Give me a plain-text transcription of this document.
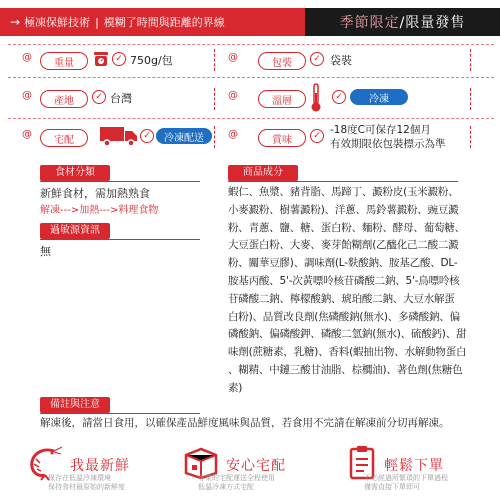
→ 極凍保鮮技術 | 模糊了時間與距離的界線	季節限定 /限量發售
@ 重量	✓ 750g/包	@	包裝	✓ 袋裝
@ 產地	✓ 台灣	@	溫層	✓	冷凍
@ 宅配	✓	冷凍配送 @	賞味	✓ -18度C可保存12個月
有效期限依包裝標示為準
食材分類
新鮮食材，需加熱熟食
解凍--->加熱--->料理食物
過敏源資訊
無
商品成分
蝦仁、魚漿、豬背脂、馬蹄丁、澱粉皮(玉米澱粉、
小麥澱粉、樹薯澱粉)、洋蔥、馬鈴薯澱粉、豌豆澱
粉、青蔥、鹽、糖、蛋白粉、麵粉、酵母、葡萄糖、
大豆蛋白粉、大麥、麥芽飴糊劑(乙醯化己二酸二澱
粉、關華豆膠)、調味劑(L-麩酸鈉、胺基乙酸、DL-
胺基丙酸、5'-次黃嘌呤核苷磷酸二鈉、5'-鳥嘌呤核
苷磷酸二鈉、檸檬酸鈉、琥珀酸二鈉、大豆水解蛋
白粉)、品質改良劑(焦磷酸鈉(無水)、多磷酸鈉、偏
磷酸鈉、偏磷酸鉀、磷酸二氫鈉(無水)、硫酸鈣)、甜
味劑(蔗糖素，乳糖)、香料(蝦抽出物、水解動物蛋白
、糊精、中鏈三酸甘油脂、棕櫚油)、著色劑(焦糖色
素)
備註與注意
解凍後，請當日食用，以確保產品鮮度風味與品質，若食用不完請在解凍前分切再解凍。
我最新鮮
保存在低溫冷凍環境
保持食材最原始的新鮮度
安心宅配
專業的宅配運送全程使用
低溫冷凍方式宅配
輕鬆下單
不必經過所繁瑣的下單過程
僅需直接下單即可
